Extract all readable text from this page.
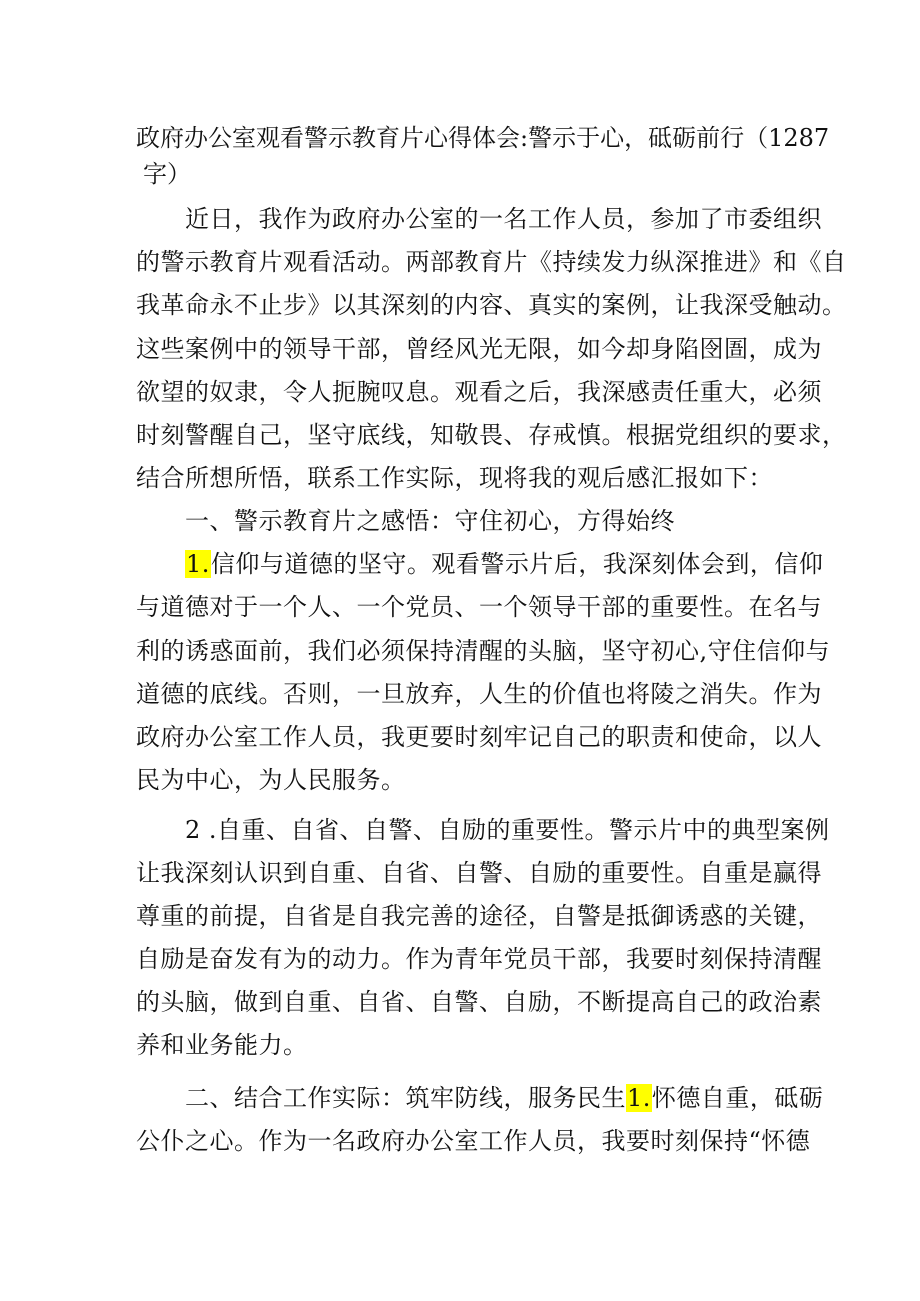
政府办公室观看警示教育片心得体会:警示于心，砥砺前行（1287
字）
近日，我作为政府办公室的一名工作人员，参加了市委组织
的警示教育片观看活动。两部教育片《持续发力纵深推进》和《自
我革命永不止步》以其深刻的内容、真实的案例，让我深受触动。
这些案例中的领导干部，曾经风光无限，如今却身陷囹圄，成为
欲望的奴隶，令人扼腕叹息。观看之后，我深感责任重大，必须
时刻警醒自己，坚守底线，知敬畏、存戒慎。根据党组织的要求，
结合所想所悟，联系工作实际，现将我的观后感汇报如下：
一、警示教育片之感悟：守住初心，方得始终
1.信仰与道德的坚守。观看警示片后，我深刻体会到，信仰
与道德对于一个人、一个党员、一个领导干部的重要性。在名与
利的诱惑面前，我们必须保持清醒的头脑，坚守初心,守住信仰与
道德的底线。否则，一旦放弃，人生的价值也将陵之消失。作为
政府办公室工作人员，我更要时刻牢记自己的职责和使命，以人
民为中心，为人民服务。
2 .自重、自省、自警、自励的重要性。警示片中的典型案例
让我深刻认识到自重、自省、自警、自励的重要性。自重是赢得
尊重的前提，自省是自我完善的途径，自警是抵御诱惑的关键，
自励是奋发有为的动力。作为青年党员干部，我要时刻保持清醒
的头脑，做到自重、自省、自警、自励，不断提高自己的政治素
养和业务能力。
二、结合工作实际：筑牢防线，服务民生1.怀德自重，砥砺
公仆之心。作为一名政府办公室工作人员，我要时刻保持“怀德
